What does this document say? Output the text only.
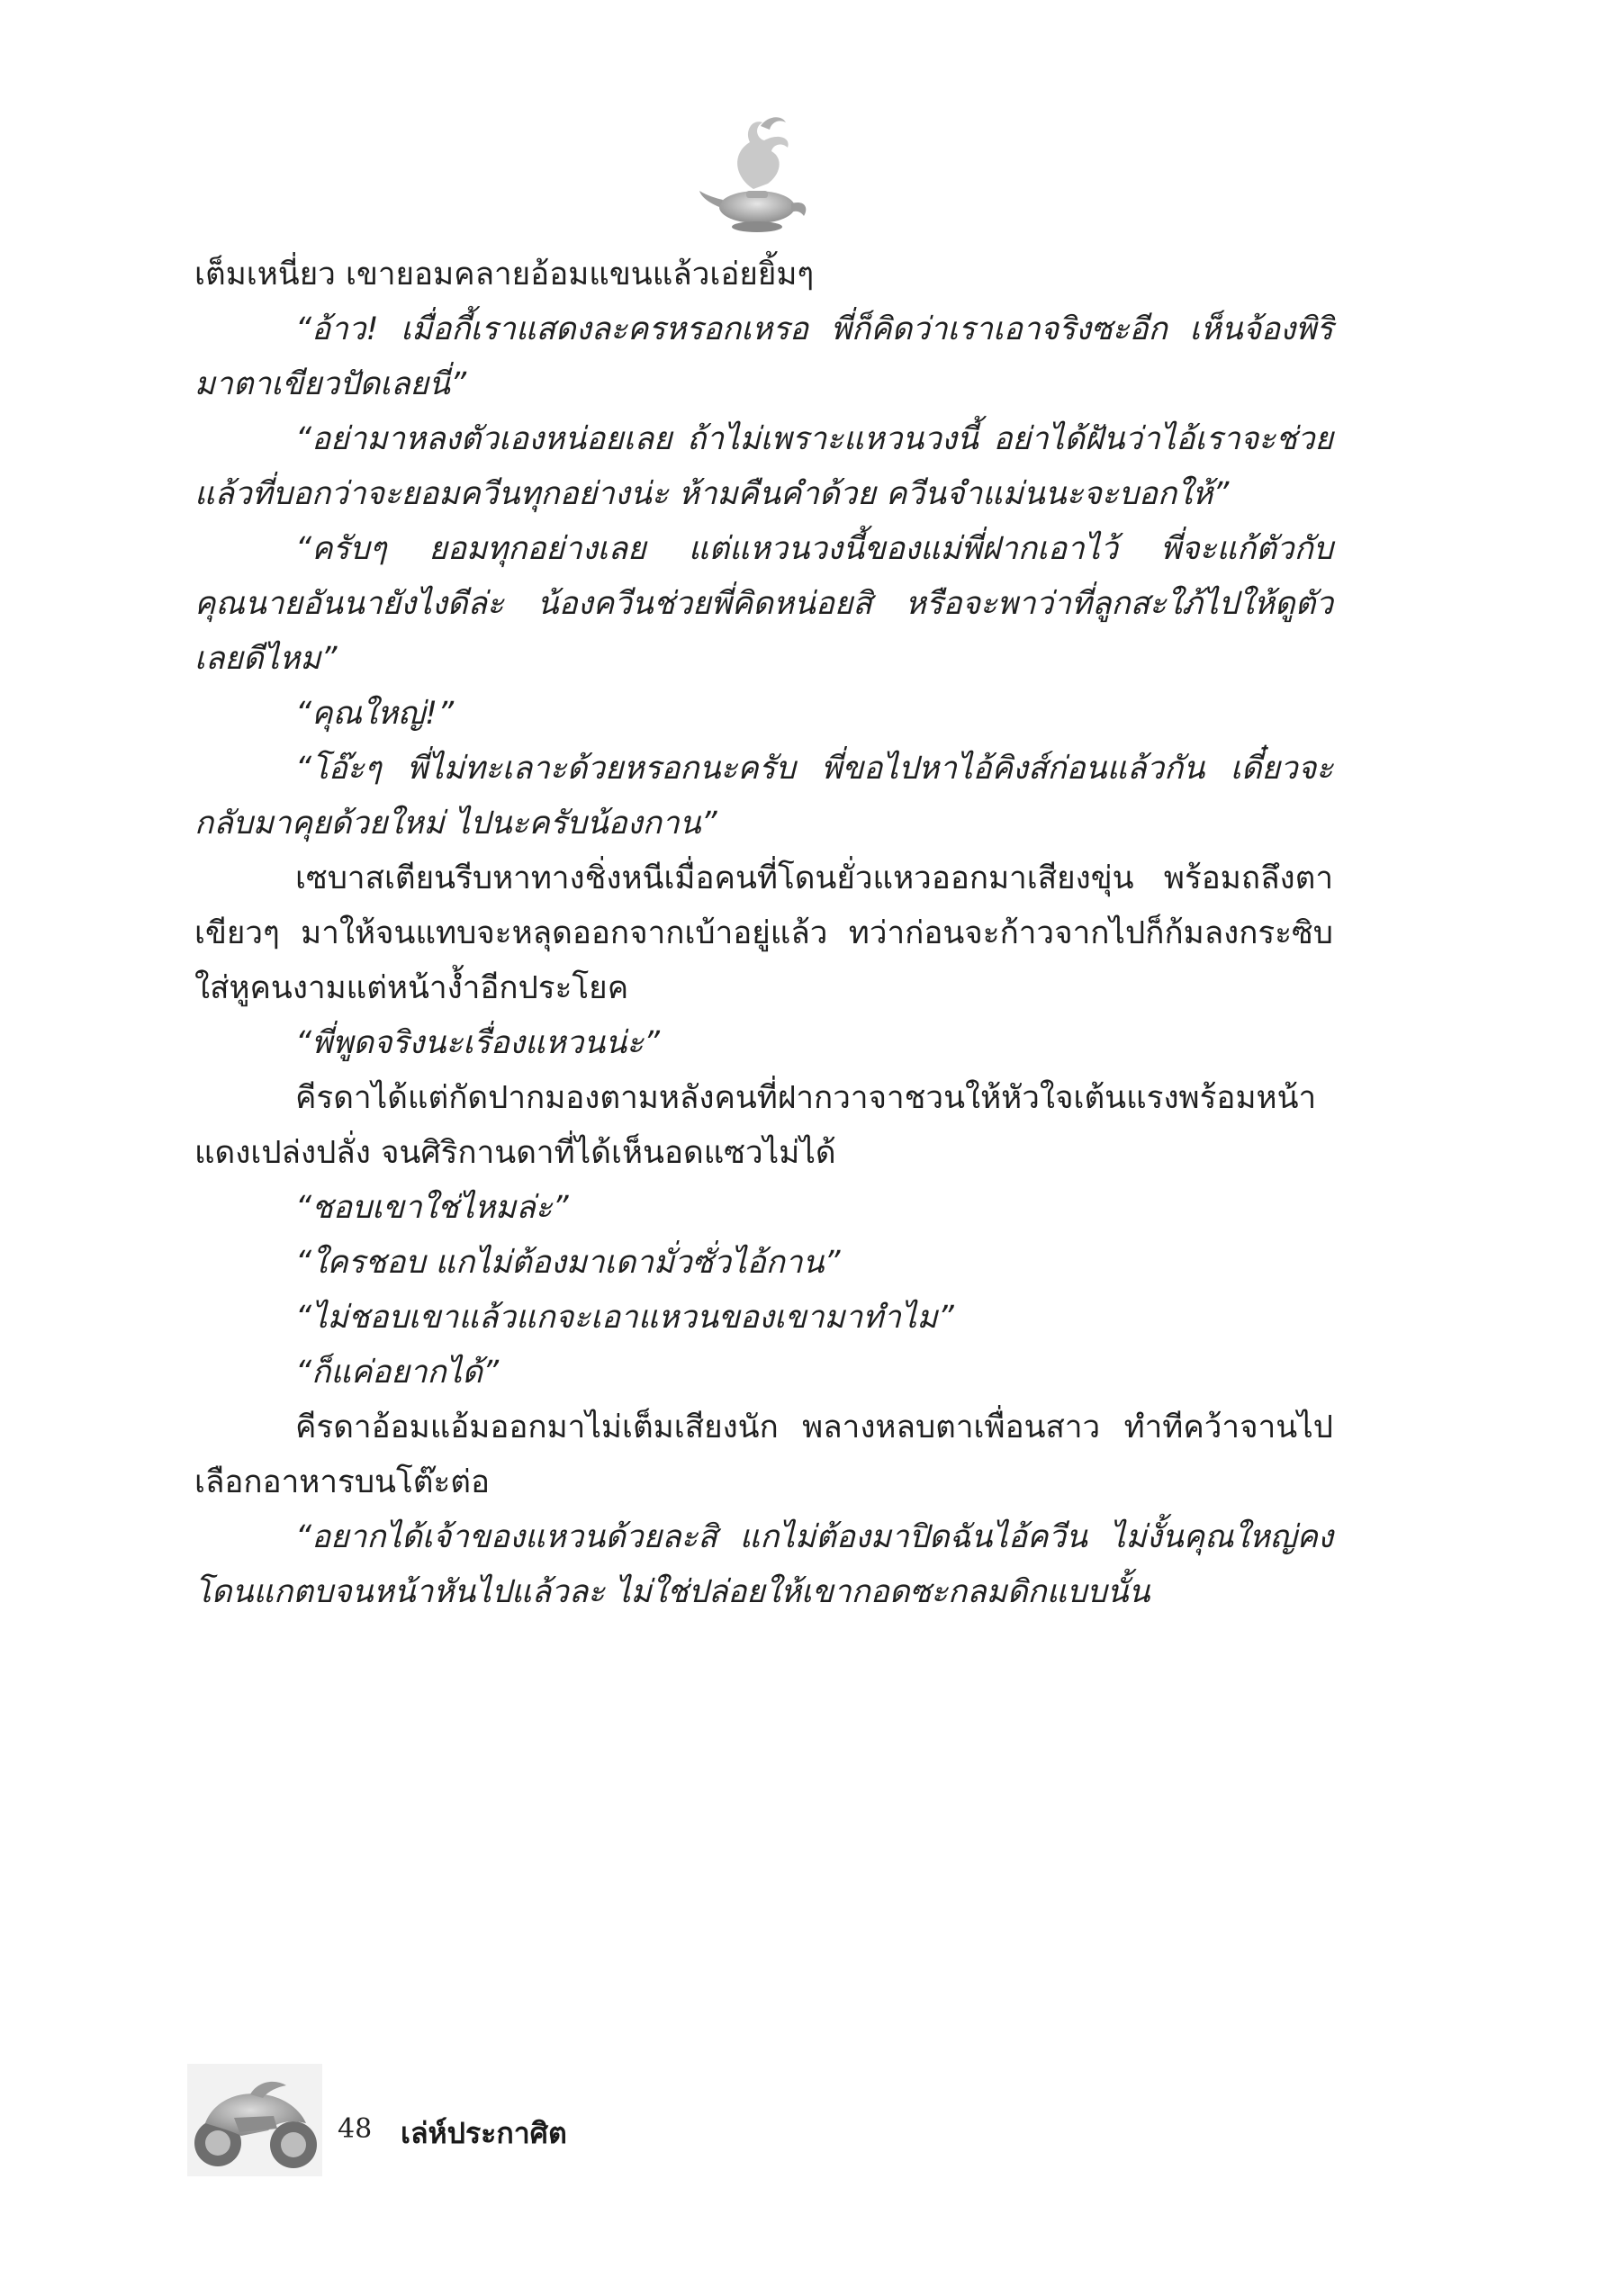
เต็มเหนี่ยว เขายอมคลายอ้อมแขนแล้วเอ่ยยิ้มๆ

“อ้าว! เมื่อกี้เราแสดงละครหรอกเหรอ พี่ก็คิดว่าเราเอาจริงซะอีก เห็นจ้องพิริมาตาเขียวปัดเลยนี่”

“อย่ามาหลงตัวเองหน่อยเลย ถ้าไม่เพราะแหวนวงนี้ อย่าได้ฝันว่าไอ้เราจะช่วย แล้วที่บอกว่าจะยอมควีนทุกอย่างน่ะ ห้ามคืนคำด้วย ควีนจำแม่นนะจะบอกให้”

“ครับๆ ยอมทุกอย่างเลย แต่แหวนวงนี้ของแม่พี่ฝากเอาไว้ พี่จะแก้ตัวกับคุณนายอันนายังไงดีล่ะ น้องควีนช่วยพี่คิดหน่อยสิ หรือจะพาว่าที่ลูกสะใภ้ไปให้ดูตัวเลยดีไหม”

“คุณใหญ่!”

“โอ๊ะๆ พี่ไม่ทะเลาะด้วยหรอกนะครับ พี่ขอไปหาไอ้คิงส์ก่อนแล้วกัน เดี๋ยวจะกลับมาคุยด้วยใหม่ ไปนะครับน้องกาน”

เซบาสเตียนรีบหาทางชิ่งหนีเมื่อคนที่โดนยั่วแหวออกมาเสียงขุ่น พร้อมถลึงตาเขียวๆ มาให้จนแทบจะหลุดออกจากเบ้าอยู่แล้ว ทว่าก่อนจะก้าวจากไปก็ก้มลงกระซิบใส่หูคนงามแต่หน้างํ้าอีกประโยค

“พี่พูดจริงนะเรื่องแหวนน่ะ”

คีรดาได้แต่กัดปากมองตามหลังคนที่ฝากวาจาชวนให้หัวใจเต้นแรงพร้อมหน้าแดงเปล่งปลั่ง จนศิริกานดาที่ได้เห็นอดแซวไม่ได้

“ชอบเขาใช่ไหมล่ะ”

“ใครชอบ แกไม่ต้องมาเดามั่วซั่วไอ้กาน”

“ไม่ชอบเขาแล้วแกจะเอาแหวนของเขามาทำไม”

“ก็แค่อยากได้”

คีรดาอ้อมแอ้มออกมาไม่เต็มเสียงนัก พลางหลบตาเพื่อนสาว ทำทีคว้าจานไปเลือกอาหารบนโต๊ะต่อ

“อยากได้เจ้าของแหวนด้วยละสิ แกไม่ต้องมาปิดฉันไอ้ควีน ไม่งั้นคุณใหญ่คงโดนแกตบจนหน้าหันไปแล้วละ ไม่ใช่ปล่อยให้เขากอดซะกลมดิกแบบนั้น

48 เล่ห์ประกาศิต
